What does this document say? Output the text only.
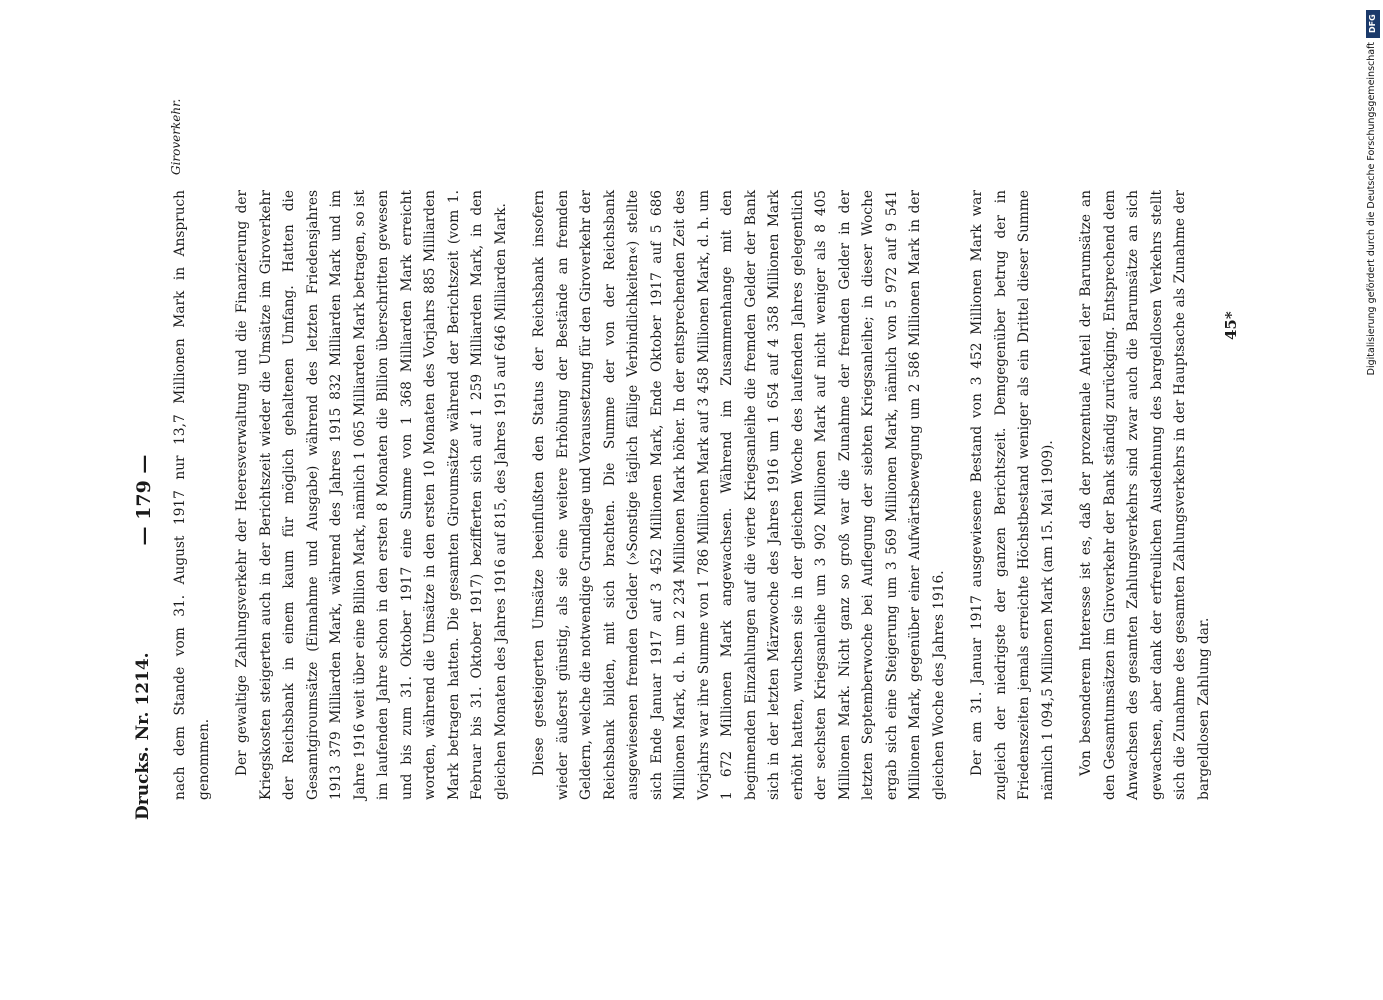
Drucks. Nr. 1214.
— 179 — nach dem Stande vom 31. August 1917 nur 13,7 Millionen Mark in Anspruch genommen.	Der gewaltige Zahlungsverkehr der Heeresverwaltung und die Finanzierung der Kriegskosten steigerten auch in der Berichtszeit wieder die Umsätze im Giroverkehr der Reichsbank in einem kaum für möglich gehaltenen Umfang. Hatten die Gesamtgiroumsätze (Einnahme und Ausgabe) während des letzten Friedensjahres 1913 379 Milliarden Mark, während des Jahres 1915 832 Milliarden Mark und im Jahre 1916 weit über eine Billion Mark, nämlich 1 065 Milliarden Mark betragen, so ist im laufenden Jahre schon in den ersten 8 Monaten die Billion überschritten gewesen und bis zum 31. Oktober 1917 eine Summe von 1 368 Milliarden Mark erreicht worden, während die Umsätze in den ersten 10 Monaten des Vorjahrs 885 Milliarden Mark betragen hatten. Die gesamten Giroumsätze während der Berichtszeit (vom 1. Februar bis 31. Oktober 1917) bezifferten sich auf 1 259 Milliarden Mark, in den gleichen Monaten des Jahres 1916 auf 815, des Jahres 1915 auf 646 Milliarden Mark.	Diese gesteigerten Umsätze beeinflußten den Status der Reichsbank insofern wieder äußerst günstig, als sie eine weitere Erhöhung der Bestände an fremden Geldern, welche die notwendige Grundlage und Voraussetzung für den Giroverkehr der Reichsbank bilden, mit sich brachten. Die Summe der von der Reichsbank ausgewiesenen fremden Gelder (»Sonstige täglich fällige Verbindlichkeiten«) stellte sich Ende Januar 1917 auf 3 452 Millionen Mark, Ende Oktober 1917 auf 5 686 Millionen Mark, d. h. um 2 234 Millionen Mark höher. In der entsprechenden Zeit des Vorjahrs war ihre Summe von 1 786 Millionen Mark auf 3 458 Millionen Mark, d. h. um 1 672 Millionen Mark angewachsen. Während im Zusammenhange mit den beginnenden Einzahlungen auf die vierte Kriegsanleihe die fremden Gelder der Bank sich in der letzten Märzwoche des Jahres 1916 um 1 654 auf 4 358 Millionen Mark erhöht hatten, wuchsen sie in der gleichen Woche des laufenden Jahres gelegentlich der sechsten Kriegsanleihe um 3 902 Millionen Mark auf nicht weniger als 8 405 Millionen Mark. Nicht ganz so groß war die Zunahme der fremden Gelder in der letzten Septemberwoche bei Auflegung der siebten Kriegsanleihe; in dieser Woche ergab sich eine Steigerung um 3 569 Millionen Mark, nämlich von 5 972 auf 9 541 Millionen Mark, gegenüber einer Aufwärtsbewegung um 2 586 Millionen Mark in der gleichen Woche des Jahres 1916.	Der am 31. Januar 1917 ausgewiesene Bestand von 3 452 Millionen Mark war zugleich der niedrigste der ganzen Berichtszeit. Demgegenüber betrug der in Friedenszeiten jemals erreichte Höchstbestand weniger als ein Drittel dieser Summe nämlich 1 094,5 Millionen Mark (am 15. Mai 1909).	Von besonderem Interesse ist es, daß der prozentuale Anteil der Barumsätze an den Gesamtumsätzen im Giroverkehr der Bank ständig zurückging. Entsprechend dem Anwachsen des gesamten Zahlungsverkehrs sind zwar auch die Barumsätze an sich gewachsen, aber dank der erfreulichen Ausdehnung des bargeldlosen Verkehrs stellt sich die Zunahme des gesamten Zahlungsverkehrs in der Hauptsache als Zunahme der bargeldlosen Zahlung dar.

Giroverkehr.
45*
DFG
Digitalisierung gefördert durch die Deutsche Forschungsgemeinschaft
